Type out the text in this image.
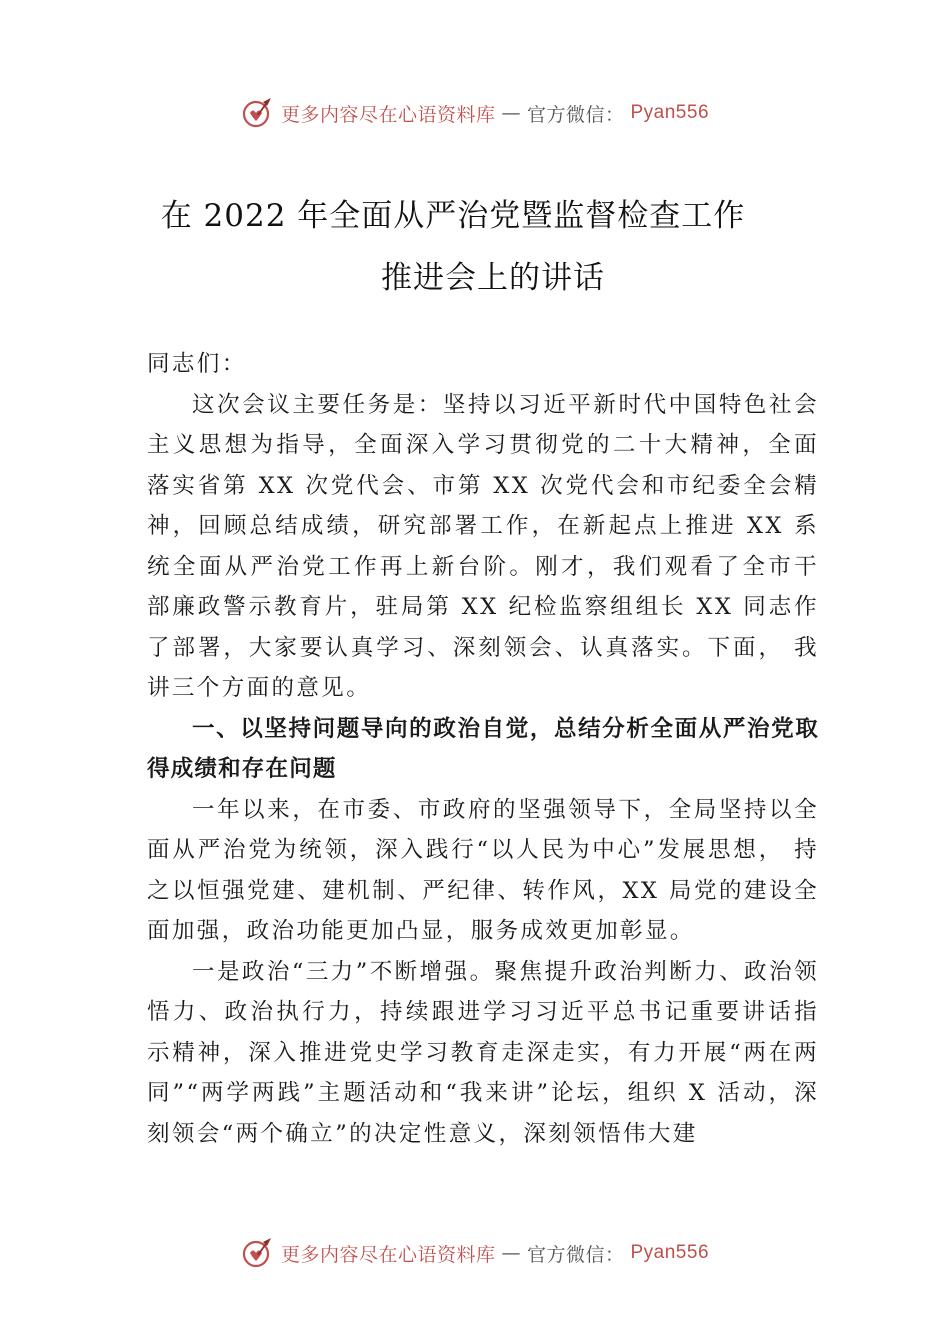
更多内容尽在心语资料库 — 官方微信： Pyan556
在 2022 年全面从严治党暨监督检查工作
推进会上的讲话

同志们：

这次会议主要任务是：坚持以习近平新时代中国特色社会主义思想为指导，全面深入学习贯彻党的二十大精神，全面落实省第 XX 次党代会、市第 XX 次党代会和市纪委全会精神，回顾总结成绩，研究部署工作，在新起点上推进 XX 系统全面从严治党工作再上新台阶。刚才，我们观看了全市干部廉政警示教育片，驻局第 XX 纪检监察组组长 XX 同志作了部署，大家要认真学习、深刻领会、认真落实。下面， 我讲三个方面的意见。

一、以坚持问题导向的政治自觉，总结分析全面从严治党取得成绩和存在问题

一年以来，在市委、市政府的坚强领导下，全局坚持以全面从严治党为统领，深入践行“以人民为中心”发展思想， 持之以恒强党建、建机制、严纪律、转作风，XX 局党的建设全面加强，政治功能更加凸显，服务成效更加彰显。

一是政治“三力”不断增强。聚焦提升政治判断力、政治领悟力、政治执行力，持续跟进学习习近平总书记重要讲话指示精神，深入推进党史学习教育走深走实，有力开展“两在两同”“两学两践”主题活动和“我来讲”论坛，组织 X 活动，深刻领会“两个确立”的决定性意义，深刻领悟伟大建

更多内容尽在心语资料库 — 官方微信： Pyan556
